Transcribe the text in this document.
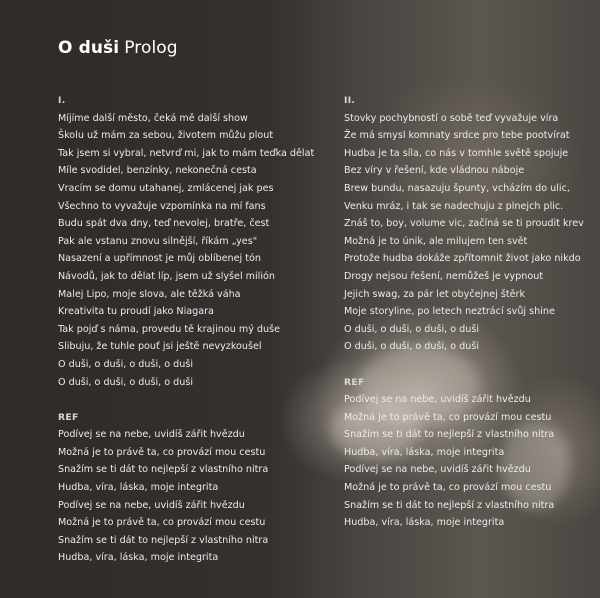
O duši Prolog
I.
Míjíme další město, čeká mě další show
Školu už mám za sebou, životem můžu plout
Tak jsem si vybral, netvrď mi, jak to mám teďka dělat
Míle svodidel, benzínky, nekonečná cesta
Vracím se domu utahanej, zmlácenej jak pes
Všechno to vyvažuje vzpomínka na mí fans
Budu spát dva dny, teď nevolej, bratře, čest
Pak ale vstanu znovu silnější, říkám „yes"
Nasazení a upřímnost je můj oblíbenej tón
Návodů, jak to dělat líp, jsem už slyšel milión
Malej Lipo, moje slova, ale těžká váha
Kreativita tu proudí jako Niagara
Tak pojď s náma, provedu tě krajinou mý duše
Slibuju, že tuhle pouť jsi ještě nevyzkoušel
O duši, o duši, o duši, o duši
O duši, o duši, o duši, o duši
REF
Podívej se na nebe, uvidíš zářit hvězdu
Možná je to právě ta, co provází mou cestu
Snažím se ti dát to nejlepší z vlastního nitra
Hudba, víra, láska, moje integrita
Podívej se na nebe, uvidíš zářit hvězdu
Možná je to právě ta, co provází mou cestu
Snažím se ti dát to nejlepší z vlastního nitra
Hudba, víra, láska, moje integrita
II.
Stovky pochybností o sobě teď vyvažuje víra
Že má smysl komnaty srdce pro tebe pootvírat
Hudba je ta síla, co nás v tomhle světě spojuje
Bez víry v řešení, kde vládnou náboje
Brew bundu, nasazuju špunty, vcházím do ulic,
Venku mráz, i tak se nadechuju z plnejch plic.
Znáš to, boy, volume vic, začíná se ti proudit krev
Možná je to únik, ale milujem ten svět
Protože hudba dokáže zpřítomnit život jako nikdo
Drogy nejsou řešení, nemůžeš je vypnout
Jejich swag, za pár let obyčejnej štěrk
Moje storyline, po letech neztrácí svůj shine
O duši, o duši, o duši, o duši
O duši, o duši, o duši, o duši
REF
Podívej se na nebe, uvidíš zářit hvězdu
Možná je to právě ta, co provází mou cestu
Snažím se ti dát to nejlepší z vlastního nitra
Hudba, víra, láska, moje integrita
Podívej se na nebe, uvidíš zářit hvězdu
Možná je to právě ta, co provází mou cestu
Snažím se ti dát to nejlepší z vlastního nitra
Hudba, víra, láska, moje integrita
